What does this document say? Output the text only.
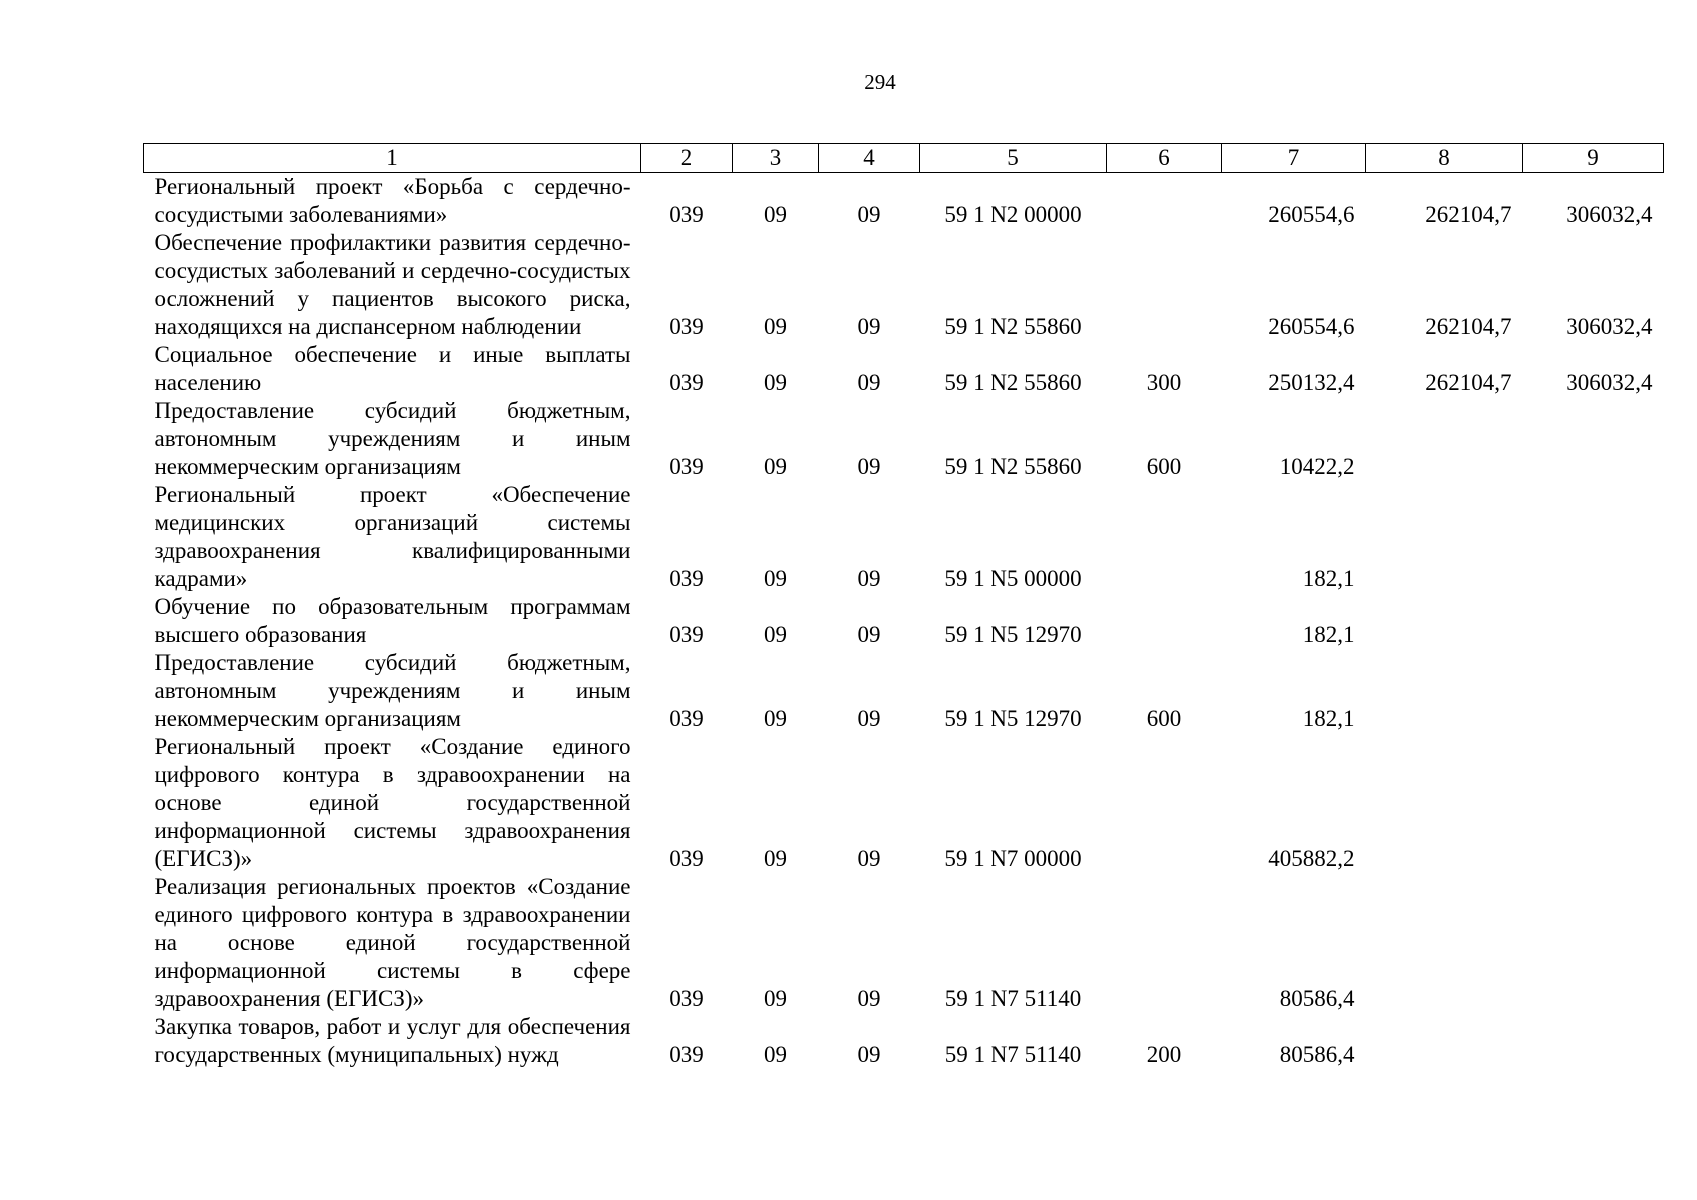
294
1	2	3	4	5	6	7	8	9
Региональный проект «Борьба с сердечно-сосудистыми заболеваниями»	039	09	09	59 1 N2 00000		260554,6	262104,7	306032,4
Обеспечение профилактики развития сердечно-сосудистых заболеваний и сердечно-сосудистых осложнений у пациентов высокого риска, находящихся на диспансерном наблюдении	039	09	09	59 1 N2 55860		260554,6	262104,7	306032,4
Социальное обеспечение и иные выплаты населению	039	09	09	59 1 N2 55860	300	250132,4	262104,7	306032,4
Предоставление субсидий бюджетным, автономным учреждениям и иным некоммерческим организациям	039	09	09	59 1 N2 55860	600	10422,2		
Региональный проект «Обеспечение медицинских организаций системы здравоохранения квалифицированными кадрами»	039	09	09	59 1 N5 00000		182,1		
Обучение по образовательным программам высшего образования	039	09	09	59 1 N5 12970		182,1		
Предоставление субсидий бюджетным, автономным учреждениям и иным некоммерческим организациям	039	09	09	59 1 N5 12970	600	182,1		
Региональный проект «Создание единого цифрового контура в здравоохранении на основе единой государственной информационной системы здравоохранения (ЕГИСЗ)»	039	09	09	59 1 N7 00000		405882,2		
Реализация региональных проектов «Создание единого цифрового контура в здравоохранении на основе единой государственной информационной системы в сфере здравоохранения (ЕГИСЗ)»	039	09	09	59 1 N7 51140		80586,4		
Закупка товаров, работ и услуг для обеспечения государственных (муниципальных) нужд	039	09	09	59 1 N7 51140	200	80586,4		
